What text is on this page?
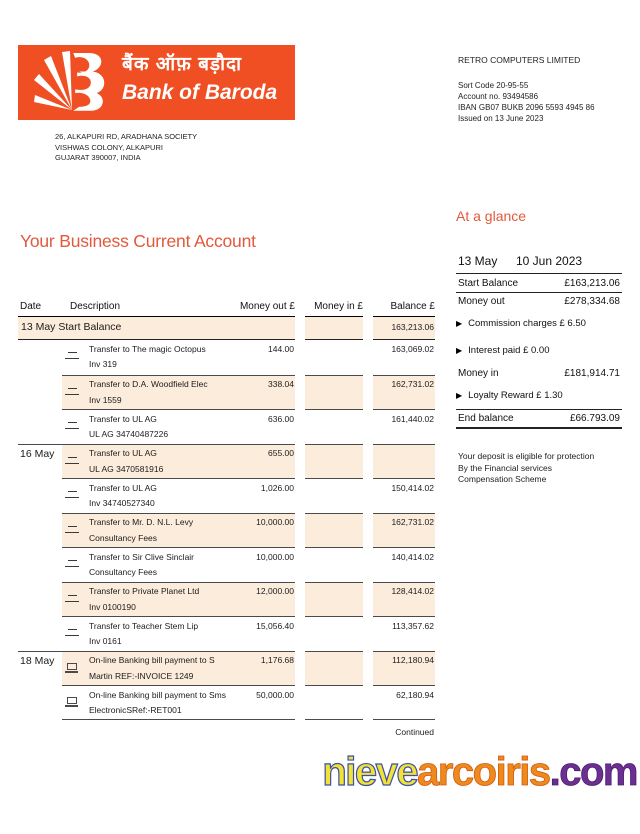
बैंक ऑफ़ बड़ौदा
Bank of Baroda
26, ALKAPURI RD, ARADHANA SOCIETY
VISHWAS COLONY, ALKAPURI
GUJARAT 390007, INDIA
RETRO COMPUTERS LIMITED
Sort Code 20-95-55
Account no. 93494586
IBAN GB07 BUKB 2096 5593 4945 86
Issued on 13 June 2023
Your Business Current Account
At a glance
13 May	10 Jun 2023
Start Balance	£163,213.06
Money out	£278,334.68
▶ Commission charges £ 6.50
▶ Interest paid £ 0.00
Money in	£181,914.71
▶ Loyalty Reward £ 1.30
End balance	£66.793.09
Your deposit is eligible for protection
By the Financial services
Compensation Scheme
Date	Description	Money out £	Money in £	Balance £
13 May Start Balance	163,213.06
Transfer to The magic Octopus
Inv 319
144.00	163,069.02
Transfer to D.A. Woodfield Elec
Inv 1559
338.04	162,731.02
Transfer to UL AG
UL AG 34740487226
636.00	161,440.02
16 May	Transfer to UL AG
UL AG 3470581916
655.00
Transfer to UL AG
Inv 34740527340
1,026.00	150,414.02
Transfer to Mr. D. N.L. Levy
Consultancy Fees
10,000.00	162,731.02
Transfer to Sir Clive Sinclair
Consultancy Fees
10,000.00	140,414.02
Transfer to Private Planet Ltd
Inv 0100190
12,000.00	128,414.02
Transfer to Teacher Stem Lip
Inv 0161
15,056.40	113,357.62
18 May	On-line Banking bill payment to S
Martin REF:-INVOICE 1249
1,176.68	112,180.94
On-line Banking bill payment to Sms
ElectronicSRef:-RET001
50,000.00	62,180.94
Continued
nievearcoiris.com
